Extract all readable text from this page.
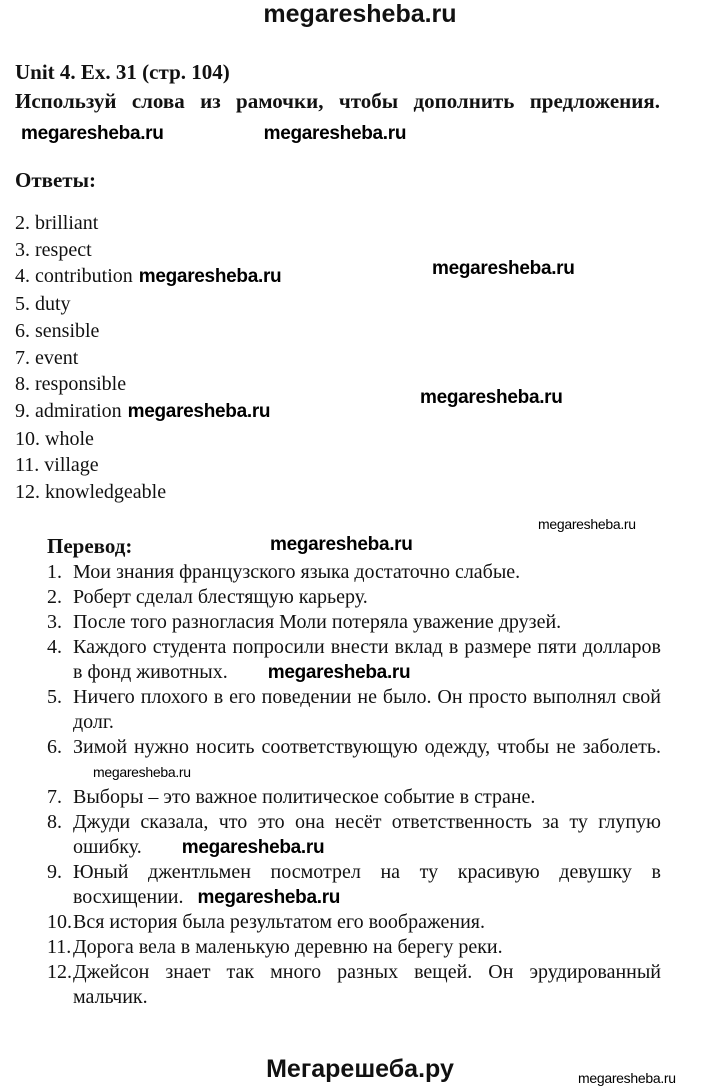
megaresheba.ru
Unit 4. Ex. 31 (стр. 104)
Используй слова из рамочки, чтобы дополнить предложения.megaresheba.ru	megaresheba.ru
Ответы:
2. brilliant
3. respect
4. contribution megaresheba.ru
5. duty
6. sensible
7. event
8. responsible
9. admiration megaresheba.ru
10. whole
11. village
12. knowledgeable
Перевод:
1. Мои знания французского языка достаточно слабые.
2. Роберт сделал блестящую карьеру.
3. После того разногласия Моли потеряла уважение друзей.
4. Каждого студента попросили внести вклад в размере пяти долларов в фонд животных. megaresheba.ru
5. Ничего плохого в его поведении не было. Он просто выполнял свой долг.
6. Зимой нужно носить соответствующую одежду, чтобы не заболеть.megaresheba.ru
7. Выборы – это важное политическое событие в стране.
8. Джуди сказала, что это она несёт ответственность за ту глупую ошибку. megaresheba.ru
9. Юный джентльмен посмотрел на ту красивую девушку в восхищении. megaresheba.ru
10. Вся история была результатом его воображения.
11. Дорога вела в маленькую деревню на берегу реки.
12. Джейсон знает так много разных вещей. Он эрудированный мальчик.
megaresheba.ru
megaresheba.ru
megaresheba.ru
megaresheba.ru
megaresheba.ru
Мегарешеба.ру
